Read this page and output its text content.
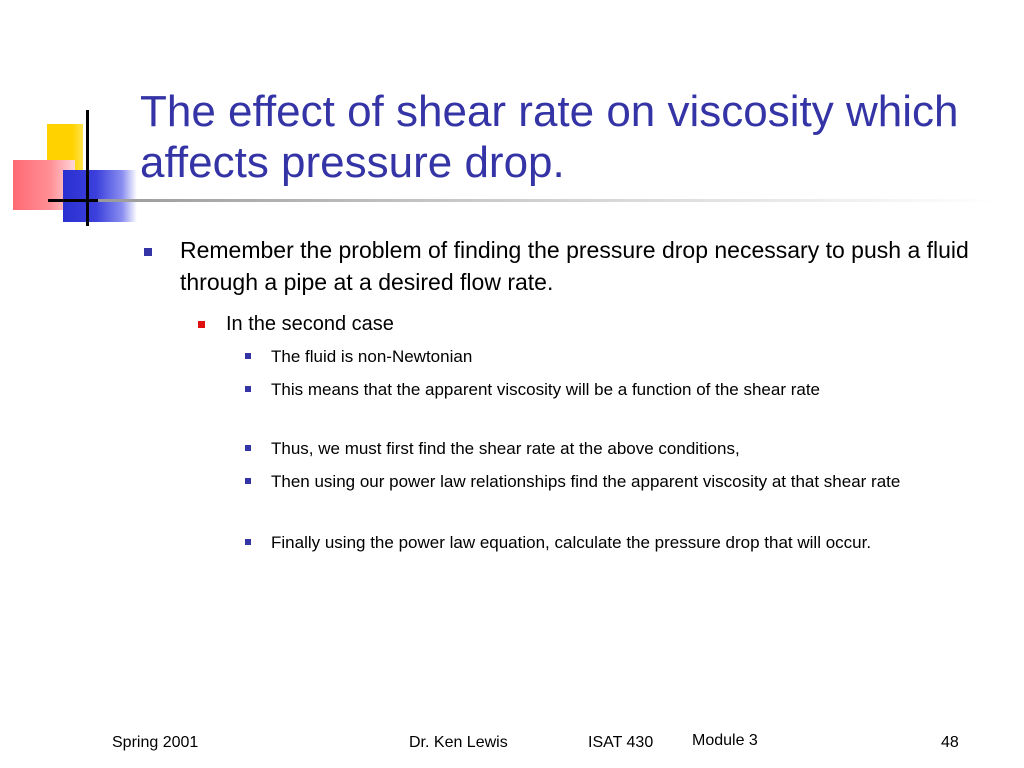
The effect of shear rate on viscosity which affects pressure drop.
Remember the problem of finding the pressure drop necessary to push a fluid through a pipe at a desired flow rate.
In the second case
The fluid is non-Newtonian
This means that the apparent viscosity will be a function of the shear rate
Thus, we must first find the shear rate at the above conditions,
Then using our power law relationships find the apparent viscosity at that shear rate
Finally using the power law equation, calculate the pressure drop that will occur.
Spring 2001	Dr. Ken Lewis	ISAT 430 Module 3	48
